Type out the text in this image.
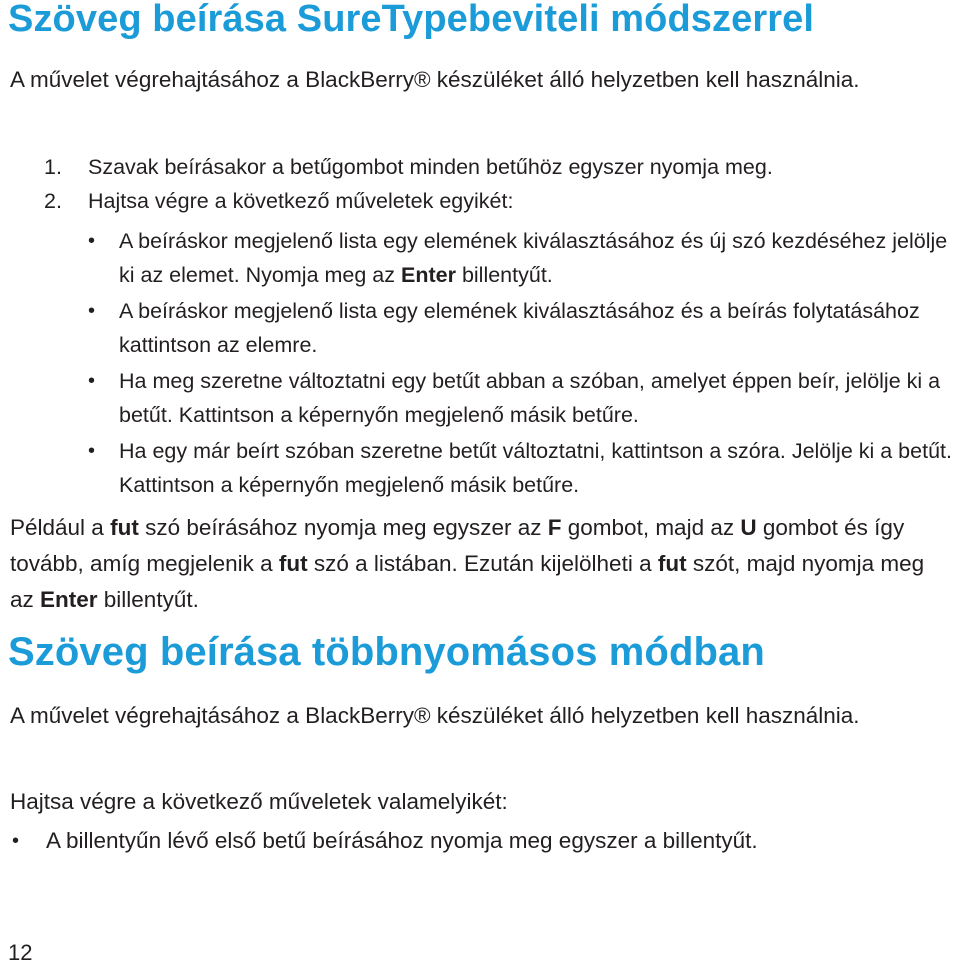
Szöveg beírása SureTypebeviteli módszerrel

A művelet végrehajtásához a BlackBerry® készüléket álló helyzetben kell használnia.

1. Szavak beírásakor a betűgombot minden betűhöz egyszer nyomja meg.
2. Hajtsa végre a következő műveletek egyikét:
• A beíráskor megjelenő lista egy elemének kiválasztásához és új szó kezdéséhez jelölje ki az elemet. Nyomja meg az Enter billentyűt.
• A beíráskor megjelenő lista egy elemének kiválasztásához és a beírás folytatásához kattintson az elemre.
• Ha meg szeretne változtatni egy betűt abban a szóban, amelyet éppen beír, jelölje ki a betűt. Kattintson a képernyőn megjelenő másik betűre.
• Ha egy már beírt szóban szeretne betűt változtatni, kattintson a szóra. Jelölje ki a betűt. Kattintson a képernyőn megjelenő másik betűre.

Például a fut szó beírásához nyomja meg egyszer az F gombot, majd az U gombot és így tovább, amíg megjelenik a fut szó a listában. Ezután kijelölheti a fut szót, majd nyomja meg az Enter billentyűt.

Szöveg beírása többnyomásos módban

A művelet végrehajtásához a BlackBerry® készüléket álló helyzetben kell használnia.

Hajtsa végre a következő műveletek valamelyikét:

• A billentyűn lévő első betű beírásához nyomja meg egyszer a billentyűt.

12
